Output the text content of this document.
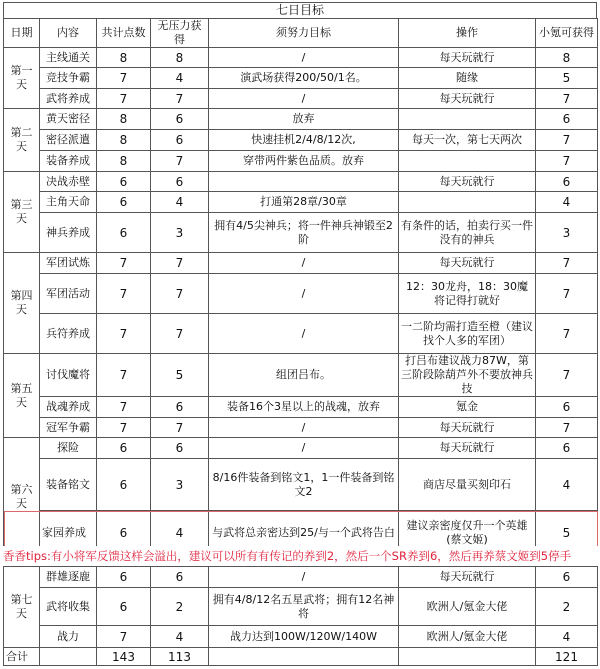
七日目标
日期	内容	共计点数	无压力获得	须努力目标	操作	小氪可获得
第一天	主线通关	8	8	/	每天玩就行	8
	竞技争霸	7	4	演武场获得200/50/1名。	随缘	5
	武将养成	7	7	/	每天玩就行	7
第二天	黄天密径	8	6	放弃		6
	密径派遣	8	6	快速挂机2/4/8/12次,	每天一次，第七天两次	7
	装备养成	8	7	穿带两件紫色品质。放弃		7
第三天	决战赤壁	6	6		每天玩就行	6
	主角天命	6	4	打通第28章/30章		4
	神兵养成	6	3	拥有4/5尖神兵；将一件神兵神锻至2阶	有条件的话，拍卖行买一件没有的神兵	3
第四天	军团试炼	7	7	/	每天玩就行	7
	军团活动	7	7	/	12：30龙舟，18：30魔将记得打就好	7
	兵符养成	7	7	/	一二阶均需打造至橙（建议找个人多的军团）	7
第五天	讨伐魔将	7	5	组团吕布。	打吕布建议战力87W，第三阶段除葫芦外不要放神兵技	7
	战魂养成	7	6	装备16个3星以上的战魂，放弃	氪金	6
	冠军争霸	7	7	/	每天玩就行	7
第六天	探险	6	6	/	每天玩就行	6
	装备铭文	6	3	8/16件装备到铭文1，1一件装备到铭文2	商店尽量买刻印石	4
	家园养成	6	4	与武将总亲密达到25/与一个武将告白	建议亲密度仅升一个英雄(蔡文姬)	5
香香tips:有小将军反馈这样会溢出，建议可以所有有传记的养到2，然后一个SR养到6，然后再养蔡文姬到5停手
第七天	群雄逐鹿	6	6	/	每天玩就行	6
	武将收集	6	2	拥有4/8/12名五星武将；拥有12名神将	欧洲人/氪金大佬	2
	战力	7	4	战力达到100W/120W/140W	欧洲人/氪金大佬	4
合计		143	113			121
